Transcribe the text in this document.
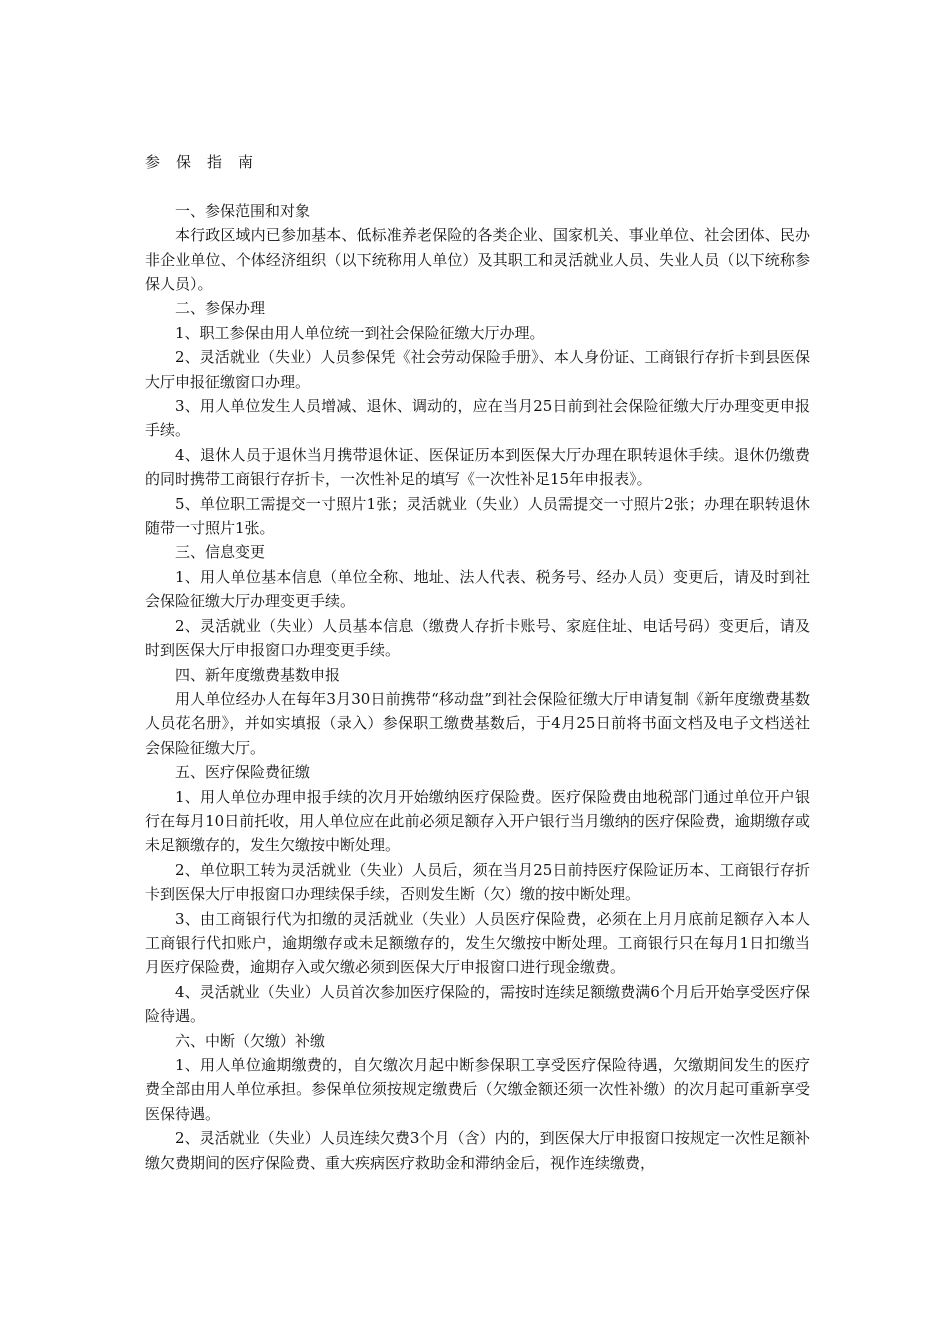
参保指南
一、参保范围和对象
本行政区域内已参加基本、低标准养老保险的各类企业、国家机关、事业单位、社会团体、民办非企业单位、个体经济组织（以下统称用人单位）及其职工和灵活就业人员、失业人员（以下统称参保人员）。
二、参保办理
1、职工参保由用人单位统一到社会保险征缴大厅办理。
2、灵活就业（失业）人员参保凭《社会劳动保险手册》、本人身份证、工商银行存折卡到县医保大厅申报征缴窗口办理。
3、用人单位发生人员增减、退休、调动的，应在当月25日前到社会保险征缴大厅办理变更申报手续。
4、退休人员于退休当月携带退休证、医保证历本到医保大厅办理在职转退休手续。退休仍缴费的同时携带工商银行存折卡，一次性补足的填写《一次性补足15年申报表》。
5、单位职工需提交一寸照片1张；灵活就业（失业）人员需提交一寸照片2张；办理在职转退休随带一寸照片1张。
三、信息变更
1、用人单位基本信息（单位全称、地址、法人代表、税务号、经办人员）变更后，请及时到社会保险征缴大厅办理变更手续。
2、灵活就业（失业）人员基本信息（缴费人存折卡账号、家庭住址、电话号码）变更后，请及时到医保大厅申报窗口办理变更手续。
四、新年度缴费基数申报
用人单位经办人在每年3月30日前携带“移动盘”到社会保险征缴大厅申请复制《新年度缴费基数人员花名册》，并如实填报（录入）参保职工缴费基数后，于4月25日前将书面文档及电子文档送社会保险征缴大厅。
五、医疗保险费征缴
1、用人单位办理申报手续的次月开始缴纳医疗保险费。医疗保险费由地税部门通过单位开户银行在每月10日前托收，用人单位应在此前必须足额存入开户银行当月缴纳的医疗保险费，逾期缴存或未足额缴存的，发生欠缴按中断处理。
2、单位职工转为灵活就业（失业）人员后，须在当月25日前持医疗保险证历本、工商银行存折卡到医保大厅申报窗口办理续保手续，否则发生断（欠）缴的按中断处理。
3、由工商银行代为扣缴的灵活就业（失业）人员医疗保险费，必须在上月月底前足额存入本人工商银行代扣账户，逾期缴存或未足额缴存的，发生欠缴按中断处理。工商银行只在每月1日扣缴当月医疗保险费，逾期存入或欠缴必须到医保大厅申报窗口进行现金缴费。
4、灵活就业（失业）人员首次参加医疗保险的，需按时连续足额缴费满6个月后开始享受医疗保险待遇。
六、中断（欠缴）补缴
1、用人单位逾期缴费的，自欠缴次月起中断参保职工享受医疗保险待遇，欠缴期间发生的医疗费全部由用人单位承担。参保单位须按规定缴费后（欠缴金额还须一次性补缴）的次月起可重新享受医保待遇。
2、灵活就业（失业）人员连续欠费3个月（含）内的，到医保大厅申报窗口按规定一次性足额补缴欠费期间的医疗保险费、重大疾病医疗救助金和滞纳金后，视作连续缴费，
